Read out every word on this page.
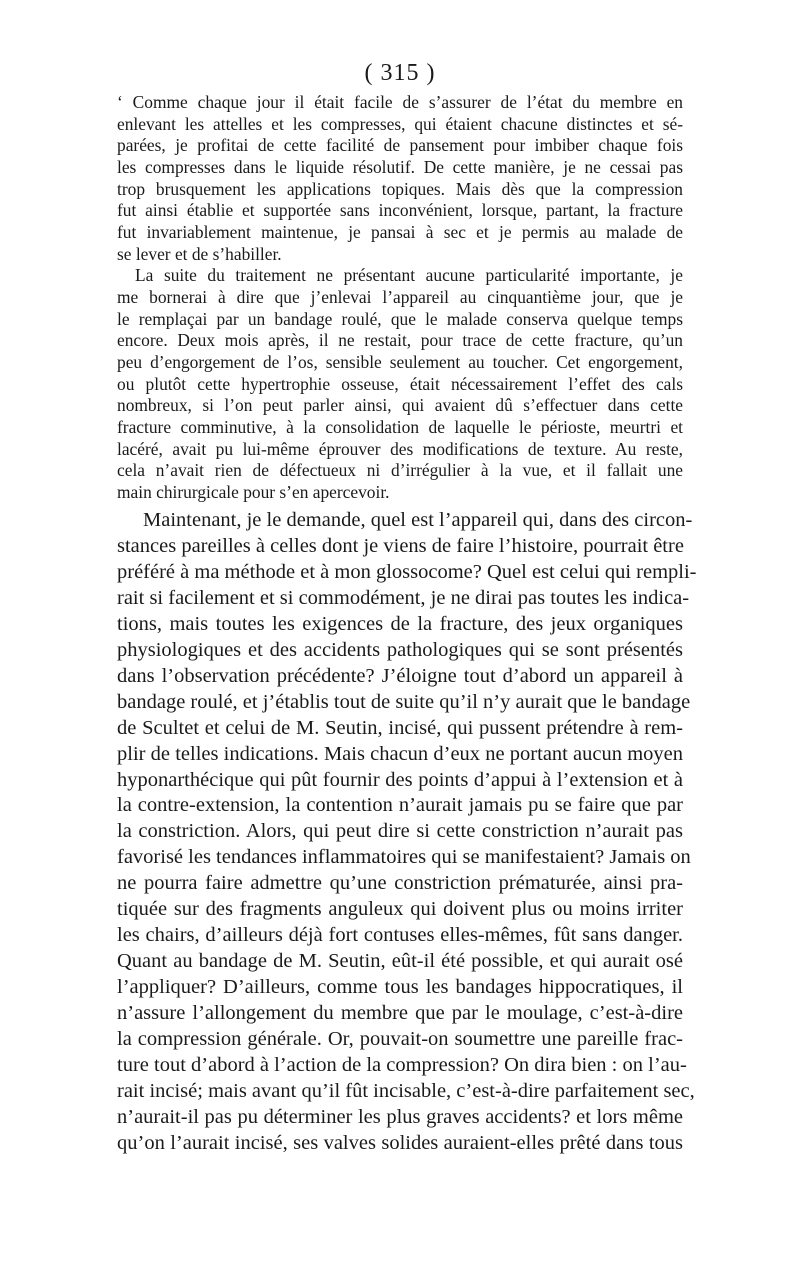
( 315 )
‘ Comme chaque jour il était facile de s’assurer de l’état du membre en
enlevant les attelles et les compresses, qui étaient chacune distinctes et sé-
parées, je profitai de cette facilité de pansement pour imbiber chaque fois
les compresses dans le liquide résolutif. De cette manière, je ne cessai pas
trop brusquement les applications topiques. Mais dès que la compression
fut ainsi établie et supportée sans inconvénient, lorsque, partant, la fracture
fut invariablement maintenue, je pansai à sec et je permis au malade de
se lever et de s’habiller.
La suite du traitement ne présentant aucune particularité importante, je
me bornerai à dire que j’enlevai l’appareil au cinquantième jour, que je
le remplaçai par un bandage roulé, que le malade conserva quelque temps
encore. Deux mois après, il ne restait, pour trace de cette fracture, qu’un
peu d’engorgement de l’os, sensible seulement au toucher. Cet engorgement,
ou plutôt cette hypertrophie osseuse, était nécessairement l’effet des cals
nombreux, si l’on peut parler ainsi, qui avaient dû s’effectuer dans cette
fracture comminutive, à la consolidation de laquelle le périoste, meurtri et
lacéré, avait pu lui-même éprouver des modifications de texture. Au reste,
cela n’avait rien de défectueux ni d’irrégulier à la vue, et il fallait une
main chirurgicale pour s’en apercevoir.
Maintenant, je le demande, quel est l’appareil qui, dans des circon-
stances pareilles à celles dont je viens de faire l’histoire, pourrait être
préféré à ma méthode et à mon glossocome? Quel est celui qui rempli-
rait si facilement et si commodément, je ne dirai pas toutes les indica-
tions, mais toutes les exigences de la fracture, des jeux organiques
physiologiques et des accidents pathologiques qui se sont présentés
dans l’observation précédente? J’éloigne tout d’abord un appareil à
bandage roulé, et j’établis tout de suite qu’il n’y aurait que le bandage
de Scultet et celui de M. Seutin, incisé, qui pussent prétendre à rem-
plir de telles indications. Mais chacun d’eux ne portant aucun moyen
hyponarthécique qui pût fournir des points d’appui à l’extension et à
la contre-extension, la contention n’aurait jamais pu se faire que par
la constriction. Alors, qui peut dire si cette constriction n’aurait pas
favorisé les tendances inflammatoires qui se manifestaient? Jamais on
ne pourra faire admettre qu’une constriction prématurée, ainsi pra-
tiquée sur des fragments anguleux qui doivent plus ou moins irriter
les chairs, d’ailleurs déjà fort contuses elles-mêmes, fût sans danger.
Quant au bandage de M. Seutin, eût-il été possible, et qui aurait osé
l’appliquer? D’ailleurs, comme tous les bandages hippocratiques, il
n’assure l’allongement du membre que par le moulage, c’est-à-dire
la compression générale. Or, pouvait-on soumettre une pareille frac-
ture tout d’abord à l’action de la compression? On dira bien : on l’au-
rait incisé; mais avant qu’il fût incisable, c’est-à-dire parfaitement sec,
n’aurait-il pas pu déterminer les plus graves accidents? et lors même
qu’on l’aurait incisé, ses valves solides auraient-elles prêté dans tous
